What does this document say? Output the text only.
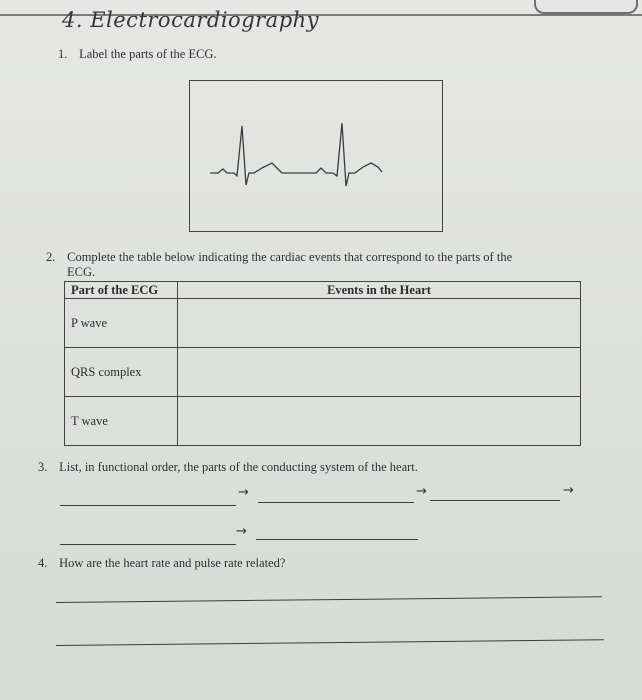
4. Electrocardiography
1. Label the parts of the ECG.
2. Complete the table below indicating the cardiac events that correspond to the parts of the
ECG.
Part of the ECG	Events in the Heart
P wave	
QRS complex	
T wave	
3. List, in functional order, the parts of the conducting system of the heart.
→	→	→
→
4. How are the heart rate and pulse rate related?
